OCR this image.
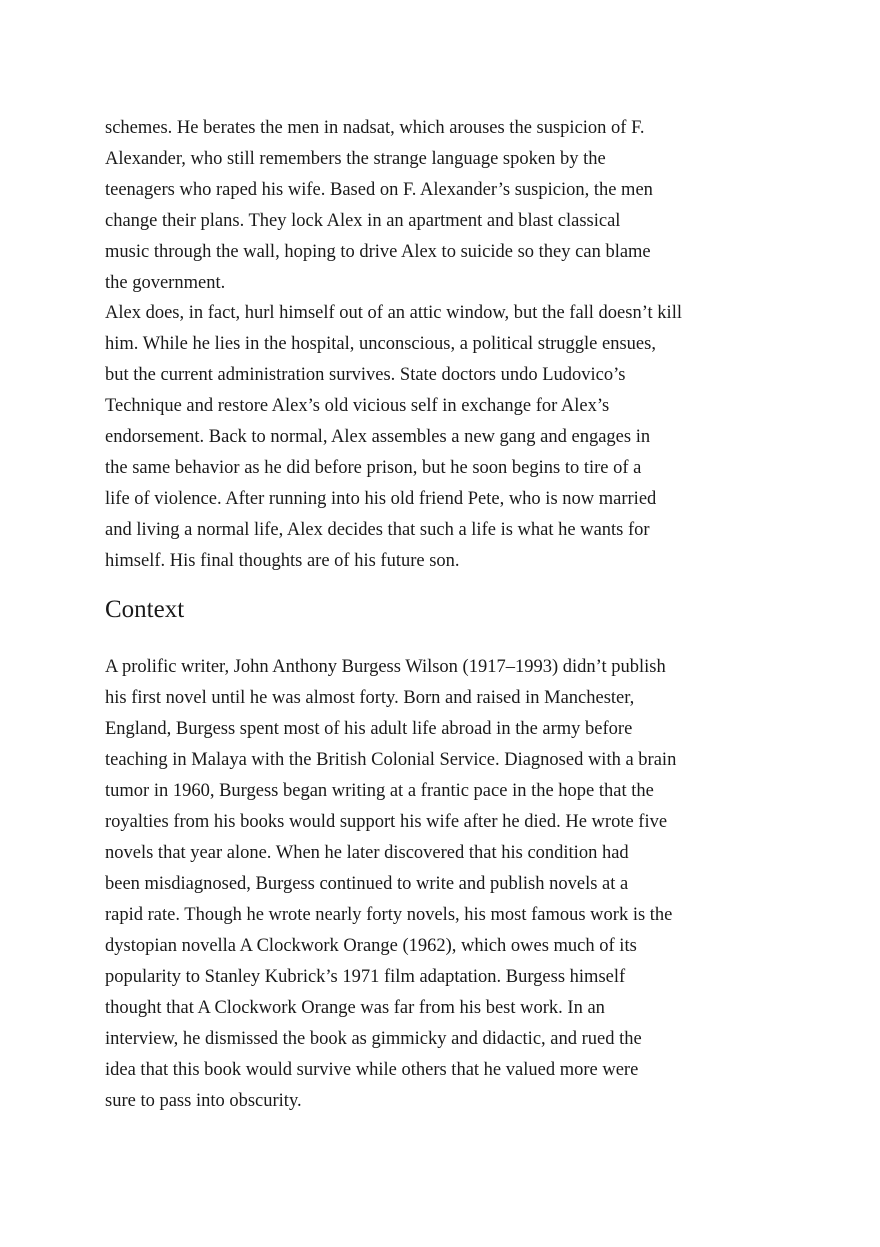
schemes. He berates the men in nadsat, which arouses the suspicion of F.
Alexander, who still remembers the strange language spoken by the
teenagers who raped his wife. Based on F. Alexander’s suspicion, the men
change their plans. They lock Alex in an apartment and blast classical
music through the wall, hoping to drive Alex to suicide so they can blame
the government.
Alex does, in fact, hurl himself out of an attic window, but the fall doesn’t kill
him. While he lies in the hospital, unconscious, a political struggle ensues,
but the current administration survives. State doctors undo Ludovico’s
Technique and restore Alex’s old vicious self in exchange for Alex’s
endorsement. Back to normal, Alex assembles a new gang and engages in
the same behavior as he did before prison, but he soon begins to tire of a
life of violence. After running into his old friend Pete, who is now married
and living a normal life, Alex decides that such a life is what he wants for
himself. His final thoughts are of his future son.
Context
A prolific writer, John Anthony Burgess Wilson (1917–1993) didn’t publish
his first novel until he was almost forty. Born and raised in Manchester,
England, Burgess spent most of his adult life abroad in the army before
teaching in Malaya with the British Colonial Service. Diagnosed with a brain
tumor in 1960, Burgess began writing at a frantic pace in the hope that the
royalties from his books would support his wife after he died. He wrote five
novels that year alone. When he later discovered that his condition had
been misdiagnosed, Burgess continued to write and publish novels at a
rapid rate. Though he wrote nearly forty novels, his most famous work is the
dystopian novella A Clockwork Orange (1962), which owes much of its
popularity to Stanley Kubrick’s 1971 film adaptation. Burgess himself
thought that A Clockwork Orange was far from his best work. In an
interview, he dismissed the book as gimmicky and didactic, and rued the
idea that this book would survive while others that he valued more were
sure to pass into obscurity.
